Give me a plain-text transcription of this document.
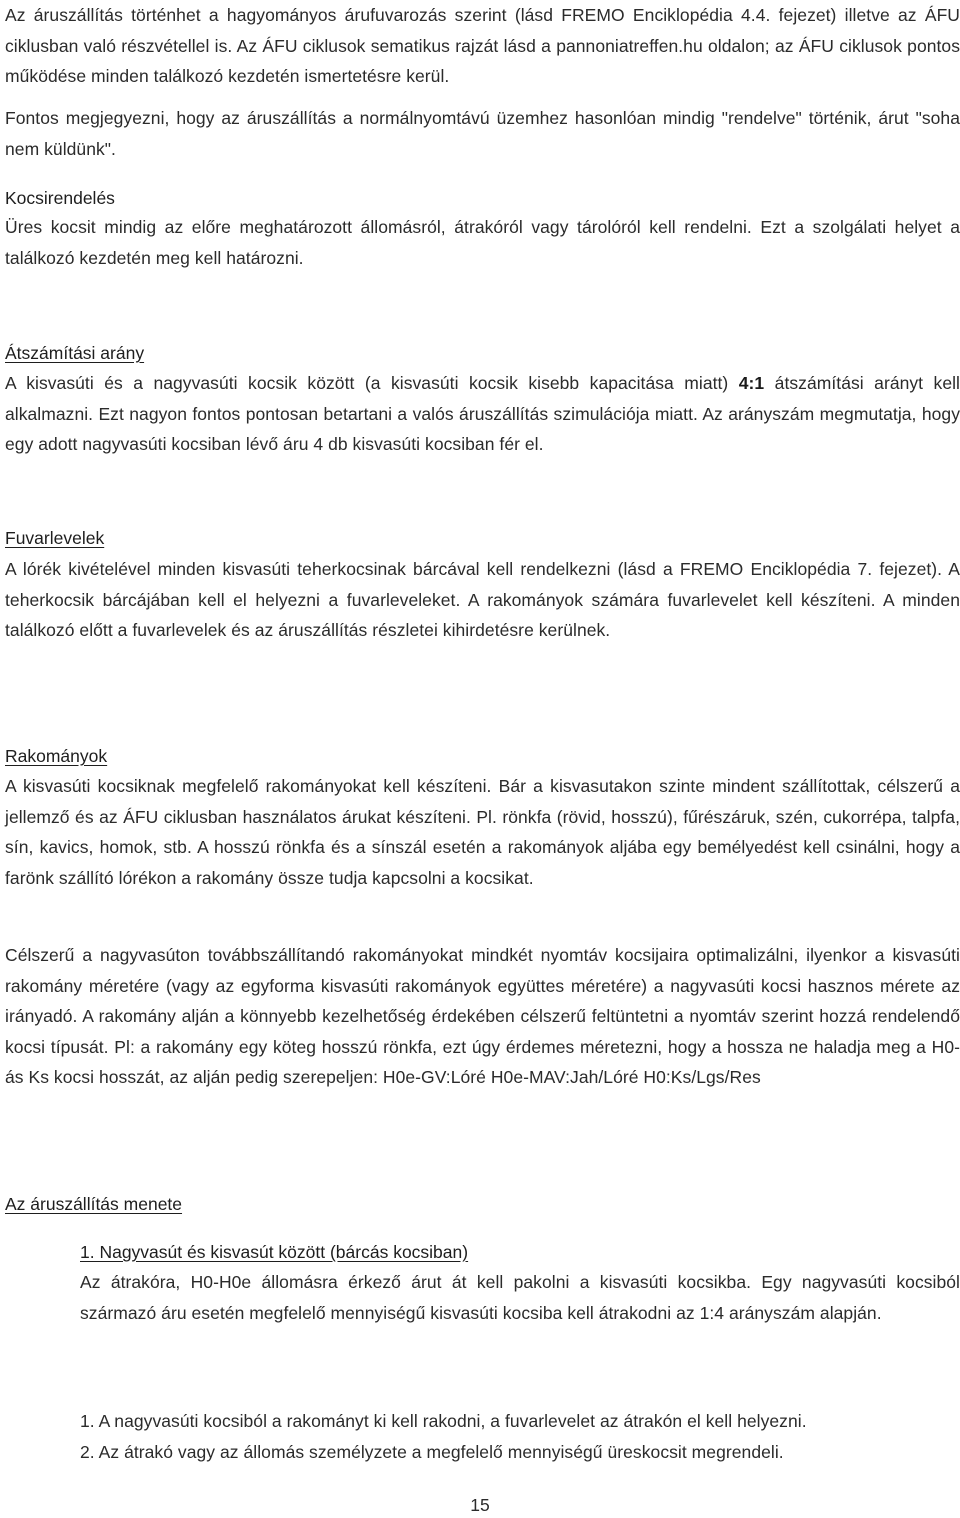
Az áruszállítás történhet a hagyományos árufuvarozás szerint (lásd FREMO Enciklopédia 4.4. fejezet) illetve az ÁFU ciklusban való részvétellel is. Az ÁFU ciklusok sematikus rajzát lásd a pannoniatreffen.hu oldalon; az ÁFU ciklusok pontos működése minden találkozó kezdetén ismertetésre kerül.

Fontos megjegyezni, hogy az áruszállítás a normálnyomtávú üzemhez hasonlóan mindig "rendelve" történik, árut "soha nem küldünk".

Kocsirendelés

Üres kocsit mindig az előre meghatározott állomásról, átrakóról vagy tárolóról kell rendelni. Ezt a szolgálati helyet a találkozó kezdetén meg kell határozni.

Átszámítási arány

A kisvasúti és a nagyvasúti kocsik között (a kisvasúti kocsik kisebb kapacitása miatt) 4:1 átszámítási arányt kell alkalmazni. Ezt nagyon fontos pontosan betartani a valós áruszállítás szimulációja miatt. Az arányszám megmutatja, hogy egy adott nagyvasúti kocsiban lévő áru 4 db kisvasúti kocsiban fér el.

Fuvarlevelek

A lórék kivételével minden kisvasúti teherkocsinak bárcával kell rendelkezni (lásd a FREMO Enciklopédia 7. fejezet). A teherkocsik bárcájában kell el helyezni a fuvarleveleket. A rakományok számára fuvarlevelet kell készíteni. A minden találkozó előtt a fuvarlevelek és az áruszállítás részletei kihirdetésre kerülnek.

Rakományok

A kisvasúti kocsiknak megfelelő rakományokat kell készíteni. Bár a kisvasutakon szinte mindent szállítottak, célszerű a jellemző és az ÁFU ciklusban használatos árukat készíteni. Pl. rönkfa (rövid, hosszú), fűrészáruk, szén, cukorrépa, talpfa, sín, kavics, homok, stb. A hosszú rönkfa és a sínszál esetén a rakományok aljába egy bemélyedést kell csinálni, hogy a farönk szállító lórékon a rakomány össze tudja kapcsolni a kocsikat.

Célszerű a nagyvasúton továbbszállítandó rakományokat mindkét nyomtáv kocsijaira optimalizálni, ilyenkor a kisvasúti rakomány méretére (vagy az egyforma kisvasúti rakományok együttes méretére) a nagyvasúti kocsi hasznos mérete az irányadó. A rakomány alján a könnyebb kezelhetőség érdekében célszerű feltüntetni a nyomtáv szerint hozzá rendelendő kocsi típusát. Pl: a rakomány egy köteg hosszú rönkfa, ezt úgy érdemes méretezni, hogy a hossza ne haladja meg a H0-ás Ks kocsi hosszát, az alján pedig szerepeljen: H0e-GV:Lóré H0e-MAV:Jah/Lóré H0:Ks/Lgs/Res

Az áruszállítás menete
1. Nagyvasút és kisvasút között (bárcás kocsiban)

Az átrakóra, H0-H0e állomásra érkező árut át kell pakolni a kisvasúti kocsikba. Egy nagyvasúti kocsiból származó áru esetén megfelelő mennyiségű kisvasúti kocsiba kell átrakodni az 1:4 arányszám alapján.

1. A nagyvasúti kocsiból a rakományt ki kell rakodni, a fuvarlevelet az átrakón el kell helyezni.

2. Az átrakó vagy az állomás személyzete a megfelelő mennyiségű üreskocsit megrendeli.

15
